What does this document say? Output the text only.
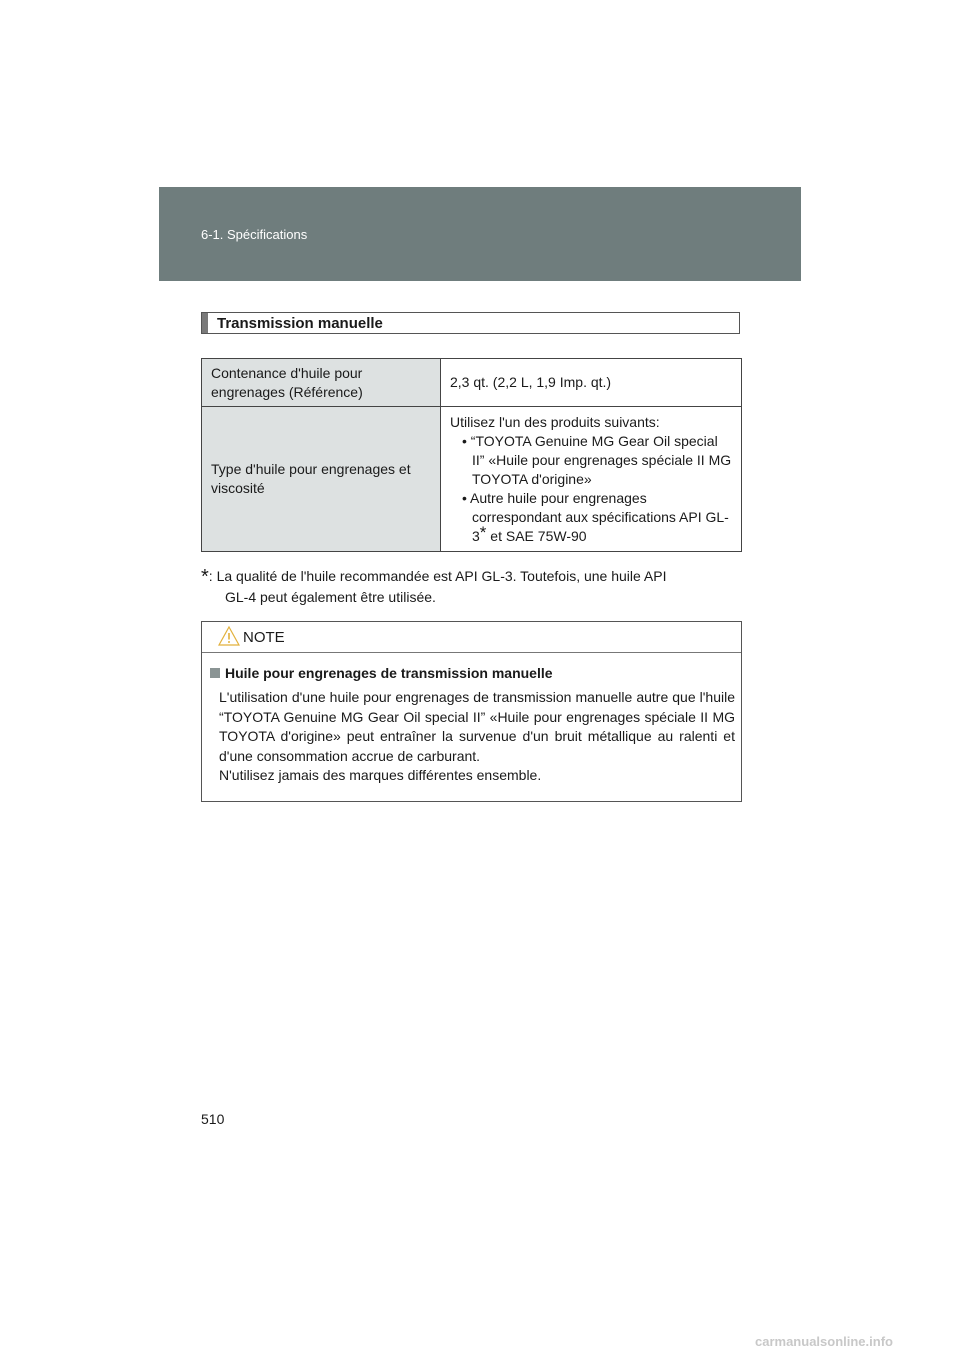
6-1. Spécifications
Transmission manuelle
Contenance d'huile pour engrenages (Référence)	2,3 qt. (2,2 L, 1,9 Imp. qt.)
Type d'huile pour engrenages et viscosité	Utilisez l'un des produits suivants:
• “TOYOTA Genuine MG Gear Oil special II” «Huile pour engrenages spéciale II MG TOYOTA d'origine»
• Autre huile pour engrenages correspondant aux spécifications API GL-3* et SAE 75W-90
*: La qualité de l'huile recommandée est API GL-3. Toutefois, une huile API
GL-4 peut également être utilisée.
NOTE
Huile pour engrenages de transmission manuelle

L'utilisation d'une huile pour engrenages de transmission manuelle autre que l'huile “TOYOTA Genuine MG Gear Oil special II” «Huile pour engrenages spéciale II MG TOYOTA d'origine» peut entraîner la survenue d'un bruit métallique au ralenti et d'une consommation accrue de carburant.

N'utilisez jamais des marques différentes ensemble.

510
carmanualsonline.info
